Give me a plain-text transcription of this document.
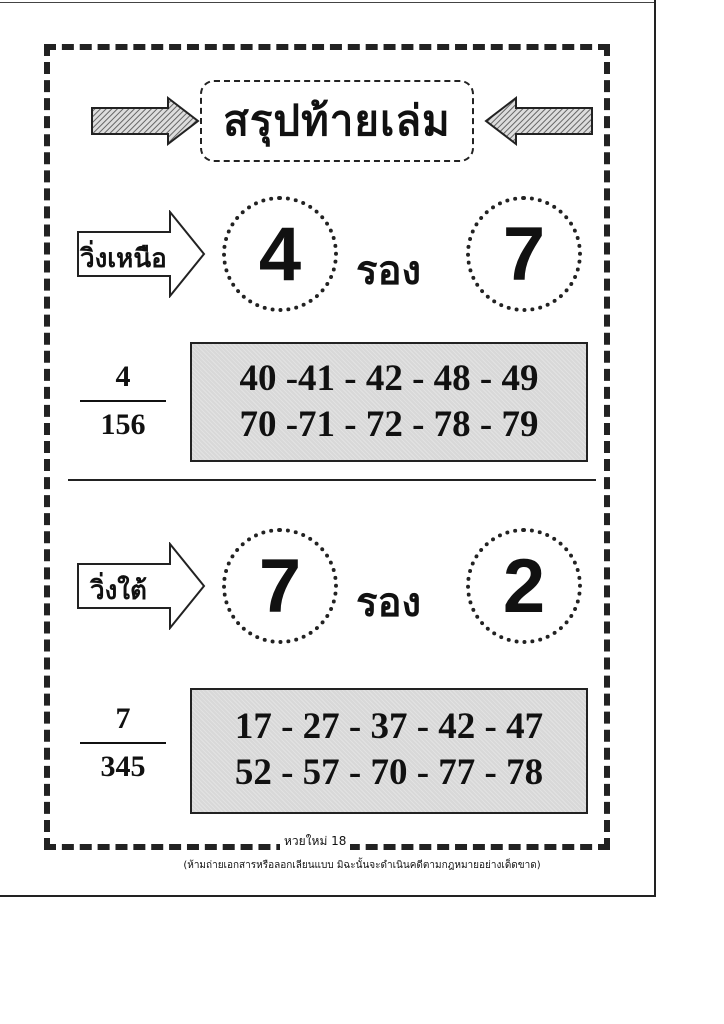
สรุปท้ายเล่ม
วิ่งเหนือ 4 รอง 7
4
156
40 -41 - 42 - 48 - 49
70 -71 - 72 - 78 - 79
วิ่งใต้ 7 รอง 2
7
345
17 - 27 - 37 - 42 - 47
52 - 57 - 70 - 77 - 78
หวยใหม่ 18
(ห้ามถ่ายเอกสารหรือลอกเลียนแบบ มิฉะนั้นจะดำเนินคดีตามกฎหมายอย่างเด็ดขาด)
